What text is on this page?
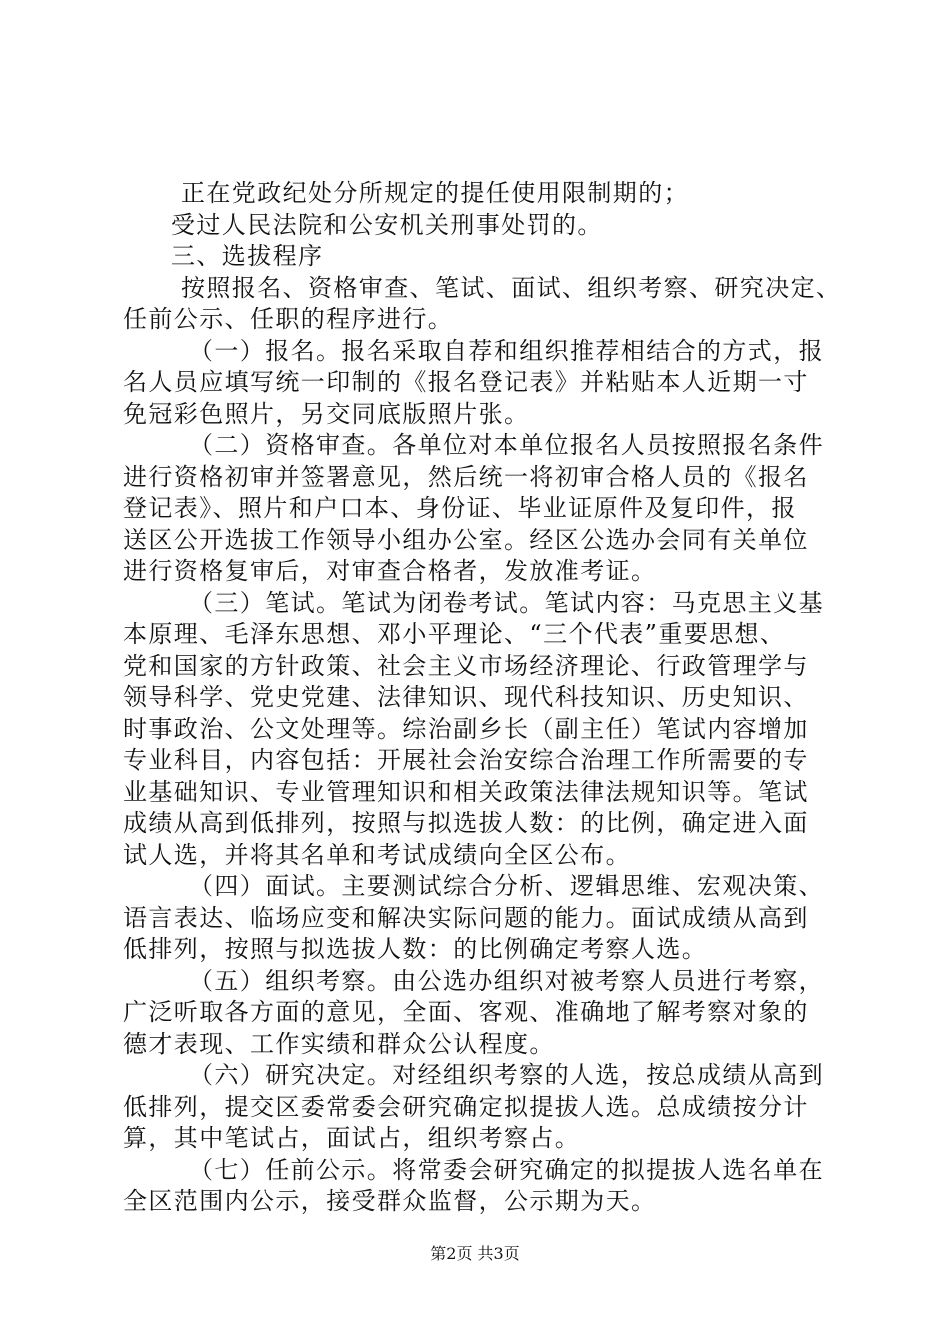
正在党政纪处分所规定的提任使用限制期的；
受过人民法院和公安机关刑事处罚的。
三、选拔程序
按照报名、资格审查、笔试、面试、组织考察、研究决定、
任前公示、任职的程序进行。
（一）报名。报名采取自荐和组织推荐相结合的方式，报
名人员应填写统一印制的《报名登记表》并粘贴本人近期一寸
免冠彩色照片，另交同底版照片张。
（二）资格审查。各单位对本单位报名人员按照报名条件
进行资格初审并签署意见，然后统一将初审合格人员的《报名
登记表》、照片和户口本、身份证、毕业证原件及复印件，报
送区公开选拔工作领导小组办公室。经区公选办会同有关单位
进行资格复审后，对审查合格者，发放准考证。
（三）笔试。笔试为闭卷考试。笔试内容：马克思主义基
本原理、毛泽东思想、邓小平理论、“三个代表”重要思想、
党和国家的方针政策、社会主义市场经济理论、行政管理学与
领导科学、党史党建、法律知识、现代科技知识、历史知识、
时事政治、公文处理等。综治副乡长（副主任）笔试内容增加
专业科目，内容包括：开展社会治安综合治理工作所需要的专
业基础知识、专业管理知识和相关政策法律法规知识等。笔试
成绩从高到低排列，按照与拟选拔人数：的比例，确定进入面
试人选，并将其名单和考试成绩向全区公布。
（四）面试。主要测试综合分析、逻辑思维、宏观决策、
语言表达、临场应变和解决实际问题的能力。面试成绩从高到
低排列，按照与拟选拔人数：的比例确定考察人选。
（五）组织考察。由公选办组织对被考察人员进行考察，
广泛听取各方面的意见，全面、客观、准确地了解考察对象的
德才表现、工作实绩和群众公认程度。
（六）研究决定。对经组织考察的人选，按总成绩从高到
低排列，提交区委常委会研究确定拟提拔人选。总成绩按分计
算，其中笔试占，面试占，组织考察占。
（七）任前公示。将常委会研究确定的拟提拔人选名单在
全区范围内公示，接受群众监督，公示期为天。
第2页 共3页
